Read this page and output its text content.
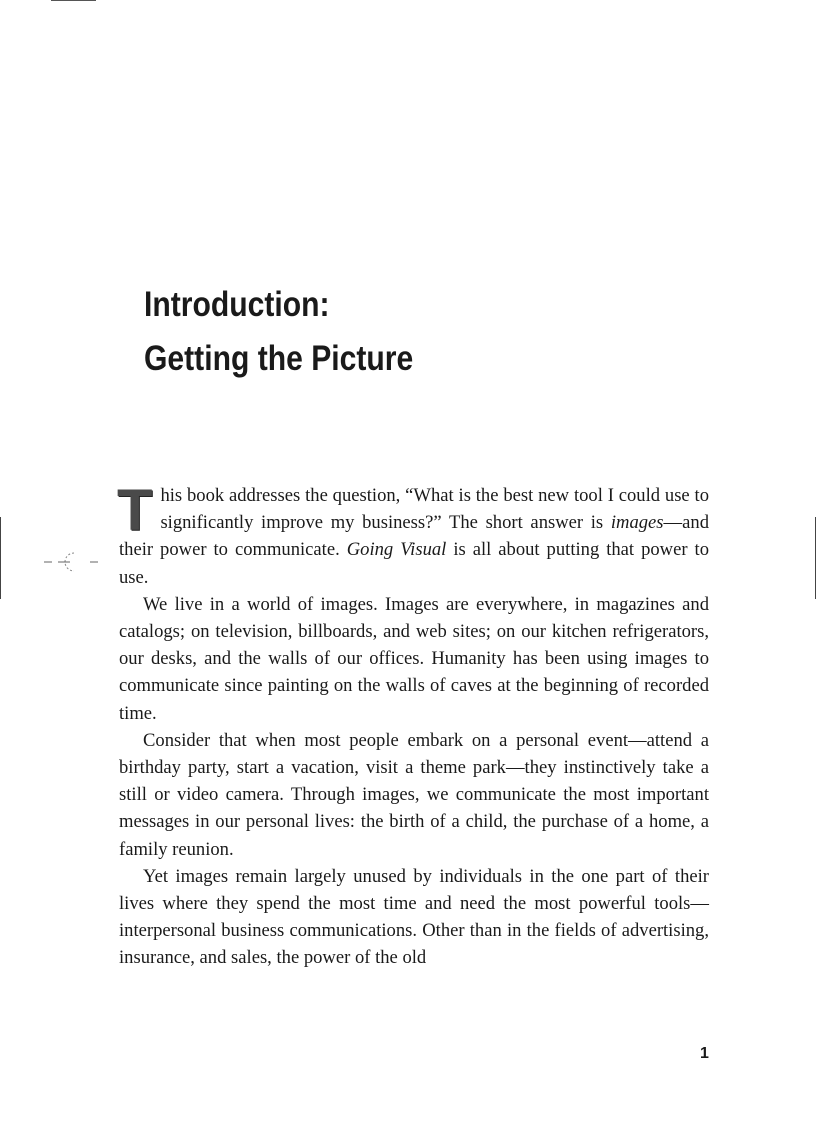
Introduction:
Getting the Picture

This book addresses the question, “What is the best new tool I could use to significantly improve my business?” The short answer is images—and their power to communicate. Going Visual is all about putting that power to use.

We live in a world of images. Images are everywhere, in magazines and catalogs; on television, billboards, and web sites; on our kitchen refrigerators, our desks, and the walls of our offices. Humanity has been using images to communicate since painting on the walls of caves at the beginning of recorded time.

Consider that when most people embark on a personal event—attend a birthday party, start a vacation, visit a theme park—they instinctively take a still or video camera. Through images, we communicate the most important messages in our personal lives: the birth of a child, the purchase of a home, a family reunion.

Yet images remain largely unused by individuals in the one part of their lives where they spend the most time and need the most powerful tools—interpersonal business communications. Other than in the fields of advertising, insurance, and sales, the power of the old

1
